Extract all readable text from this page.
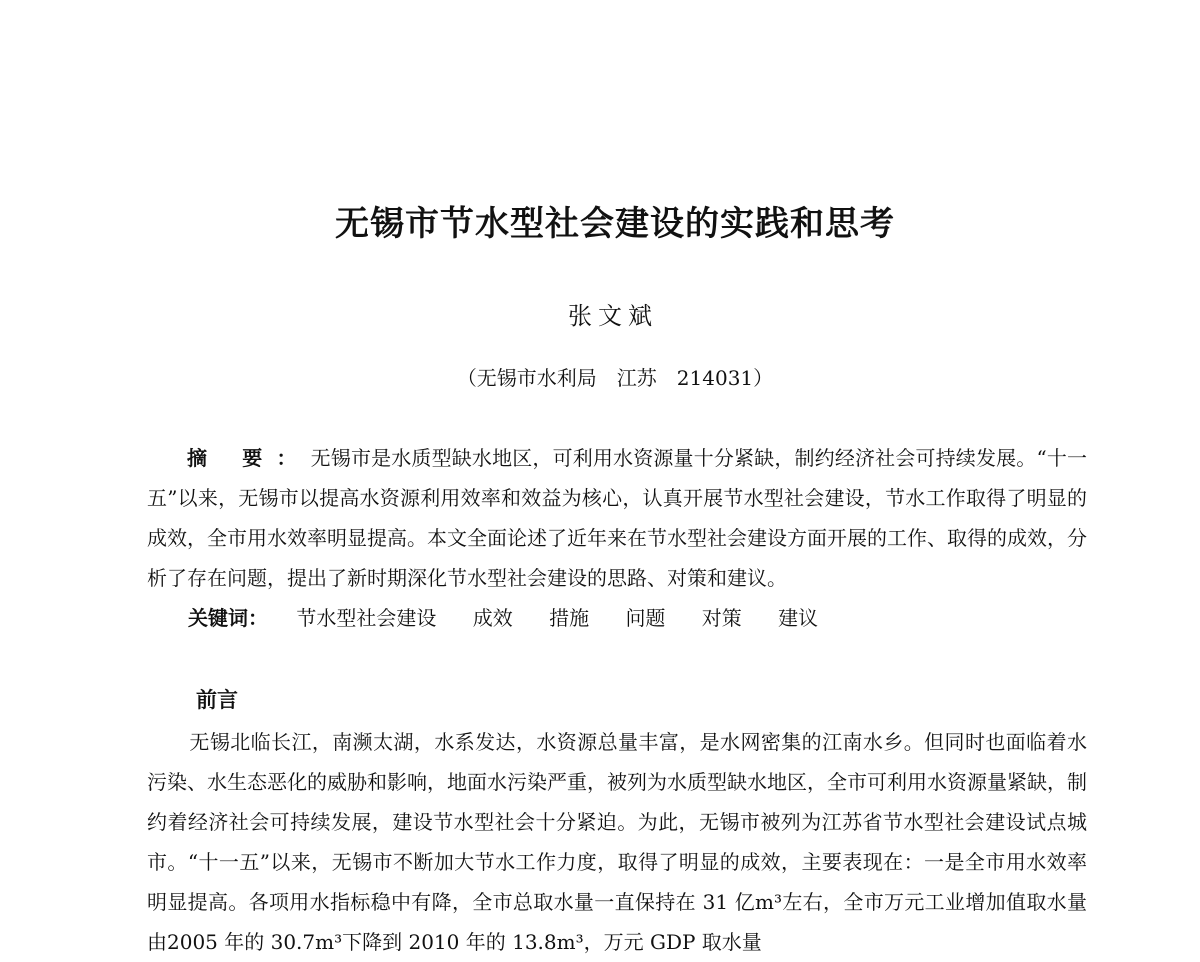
无锡市节水型社会建设的实践和思考
张文斌
（无锡市水利局　江苏　214031）
摘 要：无锡市是水质型缺水地区，可利用水资源量十分紧缺，制约经济社会可持续发展。“十一五”以来，无锡市以提高水资源利用效率和效益为核心，认真开展节水型社会建设，节水工作取得了明显的成效，全市用水效率明显提高。本文全面论述了近年来在节水型社会建设方面开展的工作、取得的成效，分析了存在问题，提出了新时期深化节水型社会建设的思路、对策和建议。
关键词： 节水型社会建设 成效 措施 问题 对策 建议
前言
无锡北临长江，南濒太湖，水系发达，水资源总量丰富，是水网密集的江南水乡。但同时也面临着水污染、水生态恶化的威胁和影响，地面水污染严重，被列为水质型缺水地区，全市可利用水资源量紧缺，制约着经济社会可持续发展，建设节水型社会十分紧迫。为此，无锡市被列为江苏省节水型社会建设试点城市。“十一五”以来，无锡市不断加大节水工作力度，取得了明显的成效，主要表现在：一是全市用水效率明显提高。各项用水指标稳中有降，全市总取水量一直保持在 31 亿m³左右，全市万元工业增加值取水量由2005 年的 30.7m³下降到 2010 年的 13.8m³，万元 GDP 取水量
